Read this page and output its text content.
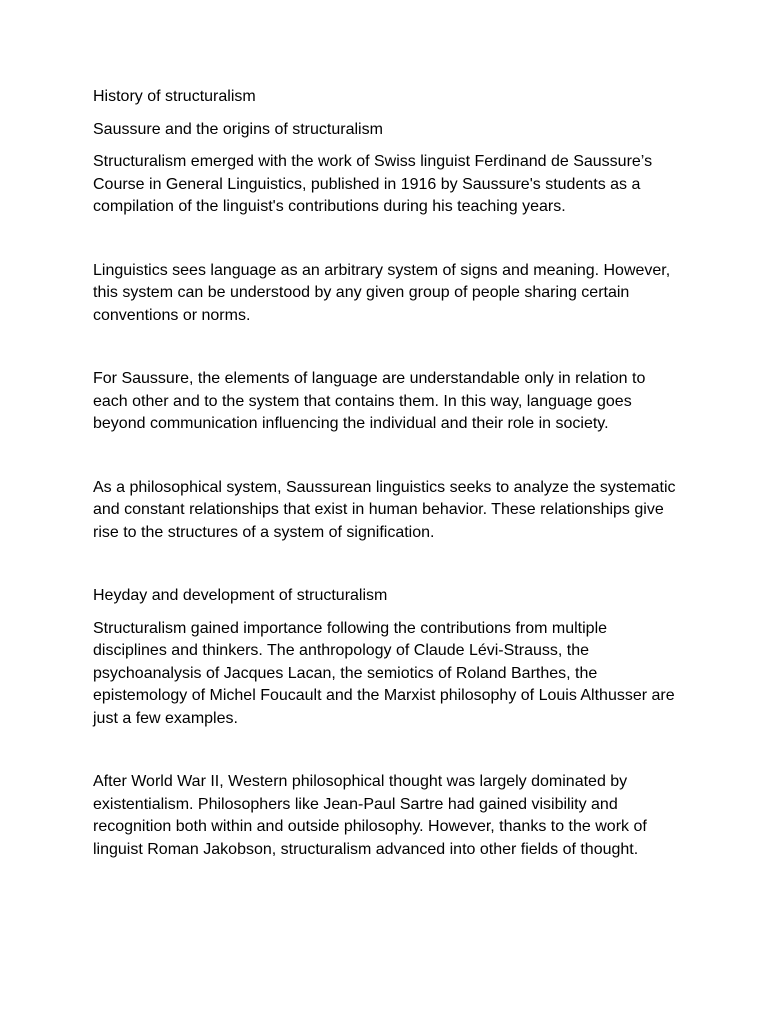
History of structuralism

Saussure and the origins of structuralism

Structuralism emerged with the work of Swiss linguist Ferdinand de Saussure’s Course in General Linguistics, published in 1916 by Saussure's students as a compilation of the linguist's contributions during his teaching years.

Linguistics sees language as an arbitrary system of signs and meaning. However, this system can be understood by any given group of people sharing certain conventions or norms.

For Saussure, the elements of language are understandable only in relation to each other and to the system that contains them. In this way, language goes beyond communication influencing the individual and their role in society.

As a philosophical system, Saussurean linguistics seeks to analyze the systematic and constant relationships that exist in human behavior. These relationships give rise to the structures of a system of signification.

Heyday and development of structuralism

Structuralism gained importance following the contributions from multiple disciplines and thinkers. The anthropology of Claude Lévi-Strauss, the psychoanalysis of Jacques Lacan, the semiotics of Roland Barthes, the epistemology of Michel Foucault and the Marxist philosophy of Louis Althusser are just a few examples.

After World War II, Western philosophical thought was largely dominated by existentialism. Philosophers like Jean-Paul Sartre had gained visibility and recognition both within and outside philosophy. However, thanks to the work of linguist Roman Jakobson, structuralism advanced into other fields of thought.
